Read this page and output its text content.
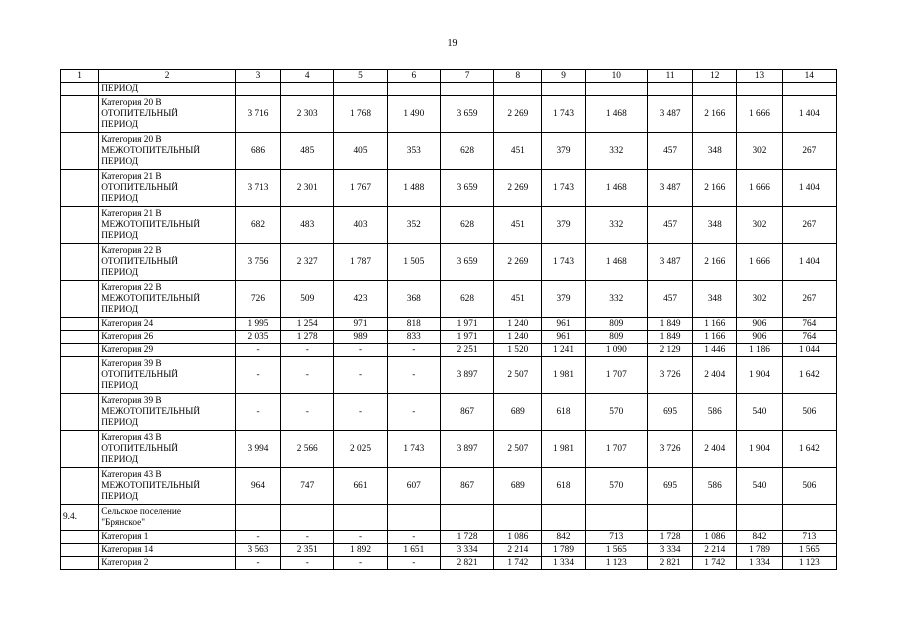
19
1	2	3	4	5	6	7	8	9	10	11	12	13	14
	ПЕРИОД												
	Категория 20 В
ОТОПИТЕЛЬНЫЙ
ПЕРИОД	3 716	2 303	1 768	1 490	3 659	2 269	1 743	1 468	3 487	2 166	1 666	1 404
	Категория 20 В
МЕЖОТОПИТЕЛЬНЫЙ
ПЕРИОД	686	485	405	353	628	451	379	332	457	348	302	267
	Категория 21 В
ОТОПИТЕЛЬНЫЙ
ПЕРИОД	3 713	2 301	1 767	1 488	3 659	2 269	1 743	1 468	3 487	2 166	1 666	1 404
	Категория 21 В
МЕЖОТОПИТЕЛЬНЫЙ
ПЕРИОД	682	483	403	352	628	451	379	332	457	348	302	267
	Категория 22 В
ОТОПИТЕЛЬНЫЙ
ПЕРИОД	3 756	2 327	1 787	1 505	3 659	2 269	1 743	1 468	3 487	2 166	1 666	1 404
	Категория 22 В
МЕЖОТОПИТЕЛЬНЫЙ
ПЕРИОД	726	509	423	368	628	451	379	332	457	348	302	267
	Категория 24	1 995	1 254	971	818	1 971	1 240	961	809	1 849	1 166	906	764
	Категория 26	2 035	1 278	989	833	1 971	1 240	961	809	1 849	1 166	906	764
	Категория 29	-	-	-	-	2 251	1 520	1 241	1 090	2 129	1 446	1 186	1 044
	Категория 39 В
ОТОПИТЕЛЬНЫЙ
ПЕРИОД	-	-	-	-	3 897	2 507	1 981	1 707	3 726	2 404	1 904	1 642
	Категория 39 В
МЕЖОТОПИТЕЛЬНЫЙ
ПЕРИОД	-	-	-	-	867	689	618	570	695	586	540	506
	Категория 43 В
ОТОПИТЕЛЬНЫЙ
ПЕРИОД	3 994	2 566	2 025	1 743	3 897	2 507	1 981	1 707	3 726	2 404	1 904	1 642
	Категория 43 В
МЕЖОТОПИТЕЛЬНЫЙ
ПЕРИОД	964	747	661	607	867	689	618	570	695	586	540	506
9.4.	Сельское поселение
"Брянское"												
	Категория 1	-	-	-	-	1 728	1 086	842	713	1 728	1 086	842	713
	Категория 14	3 563	2 351	1 892	1 651	3 334	2 214	1 789	1 565	3 334	2 214	1 789	1 565
	Категория 2	-	-	-	-	2 821	1 742	1 334	1 123	2 821	1 742	1 334	1 123
